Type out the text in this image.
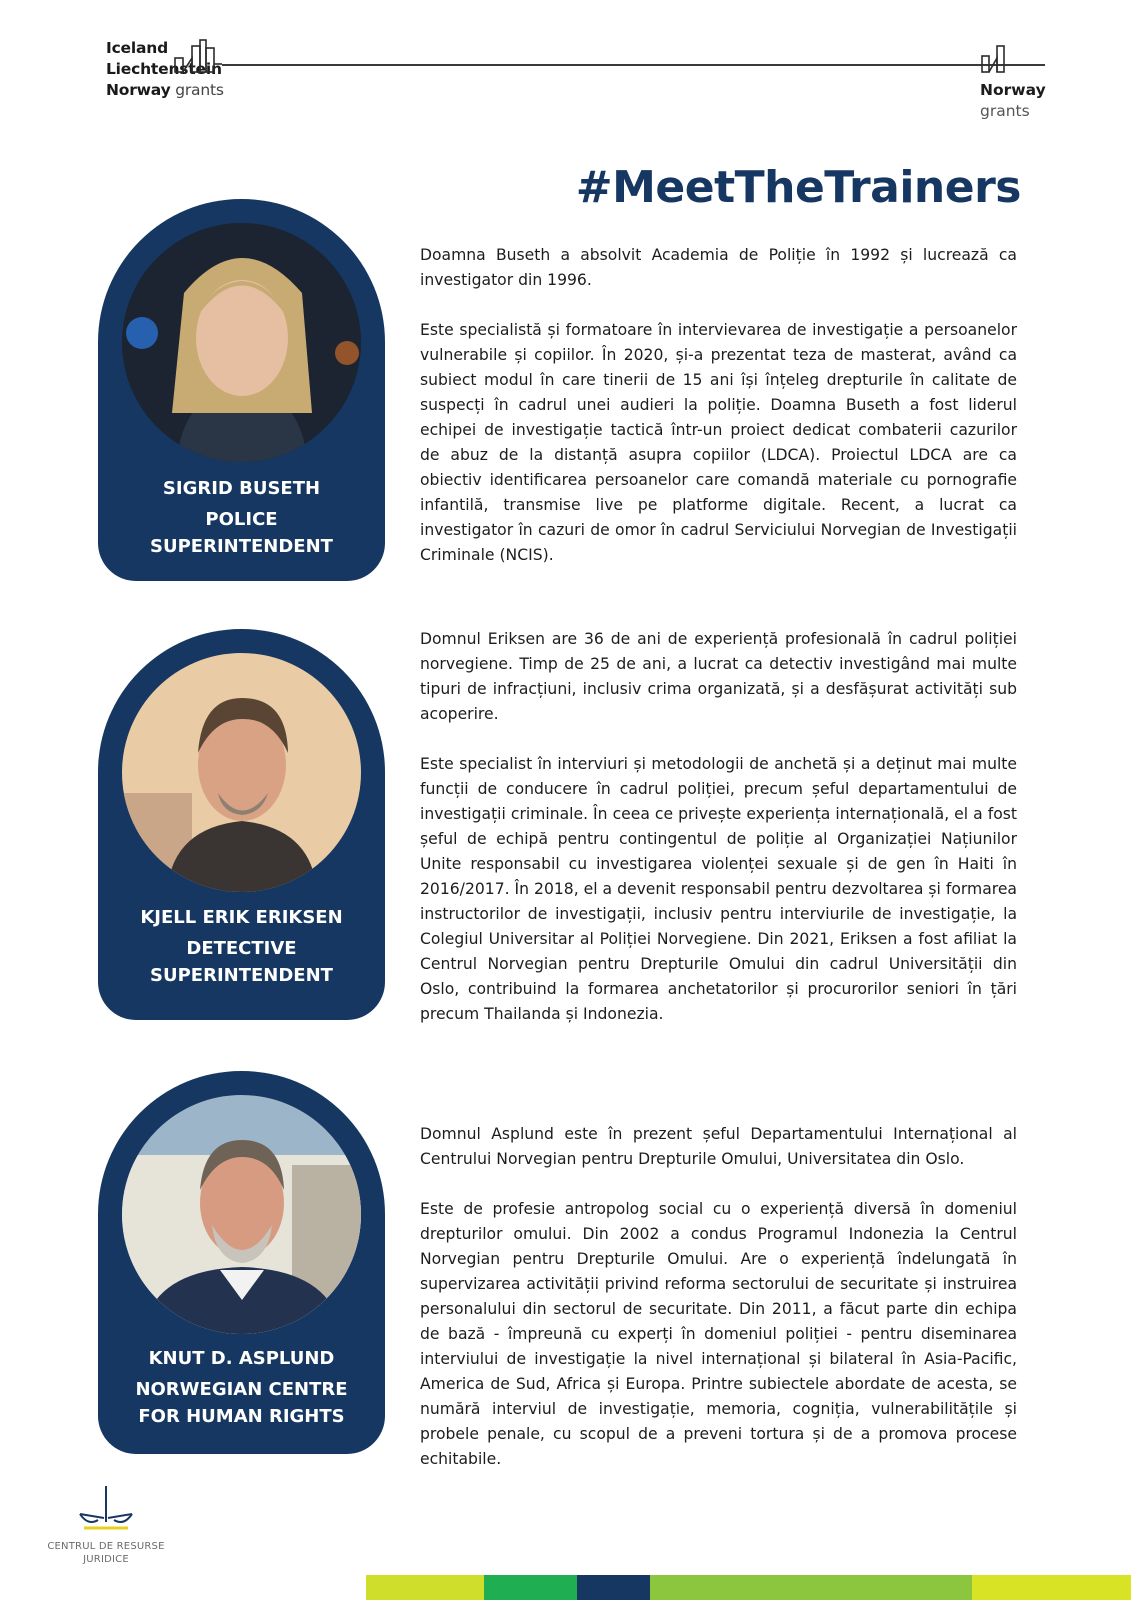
Iceland
Liechtenstein
Norway grants	Norway
grants
#MeetTheTrainers
SIGRID BUSETH
POLICE
SUPERINTENDENT

Doamna Buseth a absolvit Academia de Poliție în 1992 și lucrează ca investigator din 1996.

Este specialistă și formatoare în intervievarea de investigație a persoanelor vulnerabile și copiilor. În 2020, și-a prezentat teza de masterat, având ca subiect modul în care tinerii de 15 ani își înțeleg drepturile în calitate de suspecți în cadrul unei audieri la poliție. Doamna Buseth a fost liderul echipei de investigație tactică într-un proiect dedicat combaterii cazurilor de abuz de la distanță asupra copiilor (LDCA). Proiectul LDCA are ca obiectiv identificarea persoanelor care comandă materiale cu pornografie infantilă, transmise live pe platforme digitale. Recent, a lucrat ca investigator în cazuri de omor în cadrul Serviciului Norvegian de Investigații Criminale (NCIS).

KJELL ERIK ERIKSEN
DETECTIVE
SUPERINTENDENT

Domnul Eriksen are 36 de ani de experiență profesională în cadrul poliției norvegiene. Timp de 25 de ani, a lucrat ca detectiv investigând mai multe tipuri de infracțiuni, inclusiv crima organizată, și a desfășurat activități sub acoperire.

Este specialist în interviuri și metodologii de anchetă și a deținut mai multe funcții de conducere în cadrul poliției, precum șeful departamentului de investigații criminale. În ceea ce privește experiența internațională, el a fost șeful de echipă pentru contingentul de poliție al Organizației Națiunilor Unite responsabil cu investigarea violenței sexuale și de gen în Haiti în 2016/2017. În 2018, el a devenit responsabil pentru dezvoltarea și formarea instructorilor de investigații, inclusiv pentru interviurile de investigație, la Colegiul Universitar al Poliției Norvegiene. Din 2021, Eriksen a fost afiliat la Centrul Norvegian pentru Drepturile Omului din cadrul Universității din Oslo, contribuind la formarea anchetatorilor și procurorilor seniori în țări precum Thailanda și Indonezia.

KNUT D. ASPLUND
NORWEGIAN CENTRE
FOR HUMAN RIGHTS

Domnul Asplund este în prezent șeful Departamentului Internațional al Centrului Norvegian pentru Drepturile Omului, Universitatea din Oslo.

Este de profesie antropolog social cu o experiență diversă în domeniul drepturilor omului. Din 2002 a condus Programul Indonezia la Centrul Norvegian pentru Drepturile Omului. Are o experiență îndelungată în supervizarea activității privind reforma sectorului de securitate și instruirea personalului din sectorul de securitate. Din 2011, a făcut parte din echipa de bază - împreună cu experți în domeniul poliției - pentru diseminarea interviului de investigație la nivel internațional și bilateral în Asia-Pacific, America de Sud, Africa și Europa. Printre subiectele abordate de acesta, se numără interviul de investigație, memoria, cogniția, vulnerabilitățile și probele penale, cu scopul de a preveni tortura și de a promova procese echitabile.

CENTRUL DE RESURSE
JURIDICE
